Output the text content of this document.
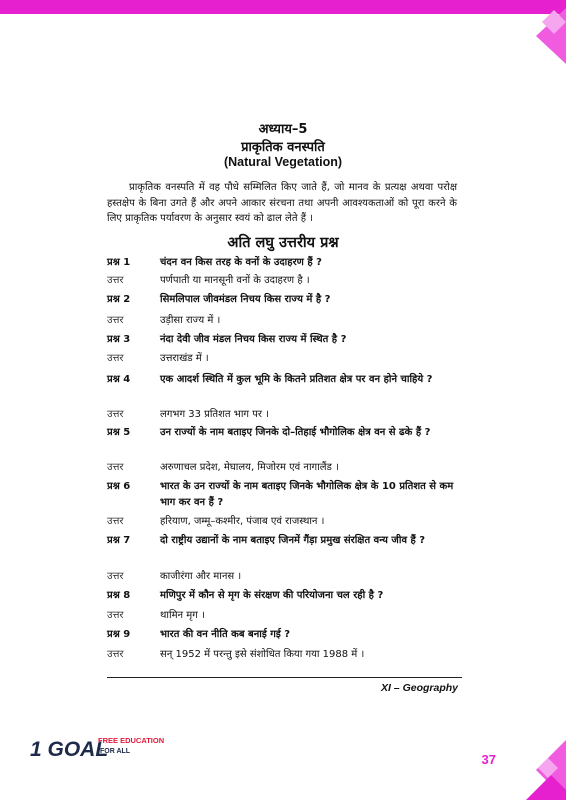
अध्याय–5
प्राकृतिक वनस्पति
(Natural Vegetation)
प्राकृतिक वनस्पति में वह पौधे सम्मिलित किए जाते हैं, जो मानव के प्रत्यक्ष अथवा परोक्ष हस्तक्षेप के बिना उगते हैं और अपने आकार संरचना तथा अपनी आवश्यकताओं को पूरा करने के लिए प्राकृतिक पर्यावरण के अनुसार स्वयं को ढाल लेते हैं ।
अति लघु उत्तरीय प्रश्न
प्रश्न 1	चंदन वन किस तरह के वनों के उदाहरण हैं ?
उत्तर	पर्णपाती या मानसूनी वनों के उदाहरण है ।
प्रश्न 2	सिमलिपाल जीवमंडल निचय किस राज्य में है ?
उत्तर	उड़ीसा राज्य में ।
प्रश्न 3	नंदा देवी जीव मंडल निचय किस राज्य में स्थित है ?
उत्तर	उत्तराखंड में ।
प्रश्न 4	एक आदर्श स्थिति में कुल भूमि के कितने प्रतिशत क्षेत्र पर वन होने चाहिये ?
उत्तर	लगभग 33 प्रतिशत भाग पर ।
प्रश्न 5	उन राज्यों के नाम बताइए जिनके दो–तिहाई भौगोलिक क्षेत्र वन से ढके हैं ?
उत्तर	अरुणाचल प्रदेश, मेघालय, मिजोरम एवं नागालैंड ।
प्रश्न 6	भारत के उन राज्यों के नाम बताइए जिनके भौगोलिक क्षेत्र के 10 प्रतिशत से कम भाग कर वन हैं ?
उत्तर	हरियाण, जम्मू–कश्मीर, पंजाब एवं राजस्थान ।
प्रश्न 7	दो राष्ट्रीय उद्यानों के नाम बताइए जिनमें गैंड़ा प्रमुख संरक्षित वन्य जीव हैं ?
उत्तर	काजीरंगा और मानस ।
प्रश्न 8	मणिपुर में कौन से मृग के संरक्षण की परियोजना चल रही है ?
उत्तर	थामिन मृग ।
प्रश्न 9	भारत की वन नीति कब बनाई गई ?
उत्तर	सन् 1952 में परन्तु इसे संशोधित किया गया 1988 में ।
XI – Geography
1 GOAL
FREE EDUCATION
FOR ALL
37
